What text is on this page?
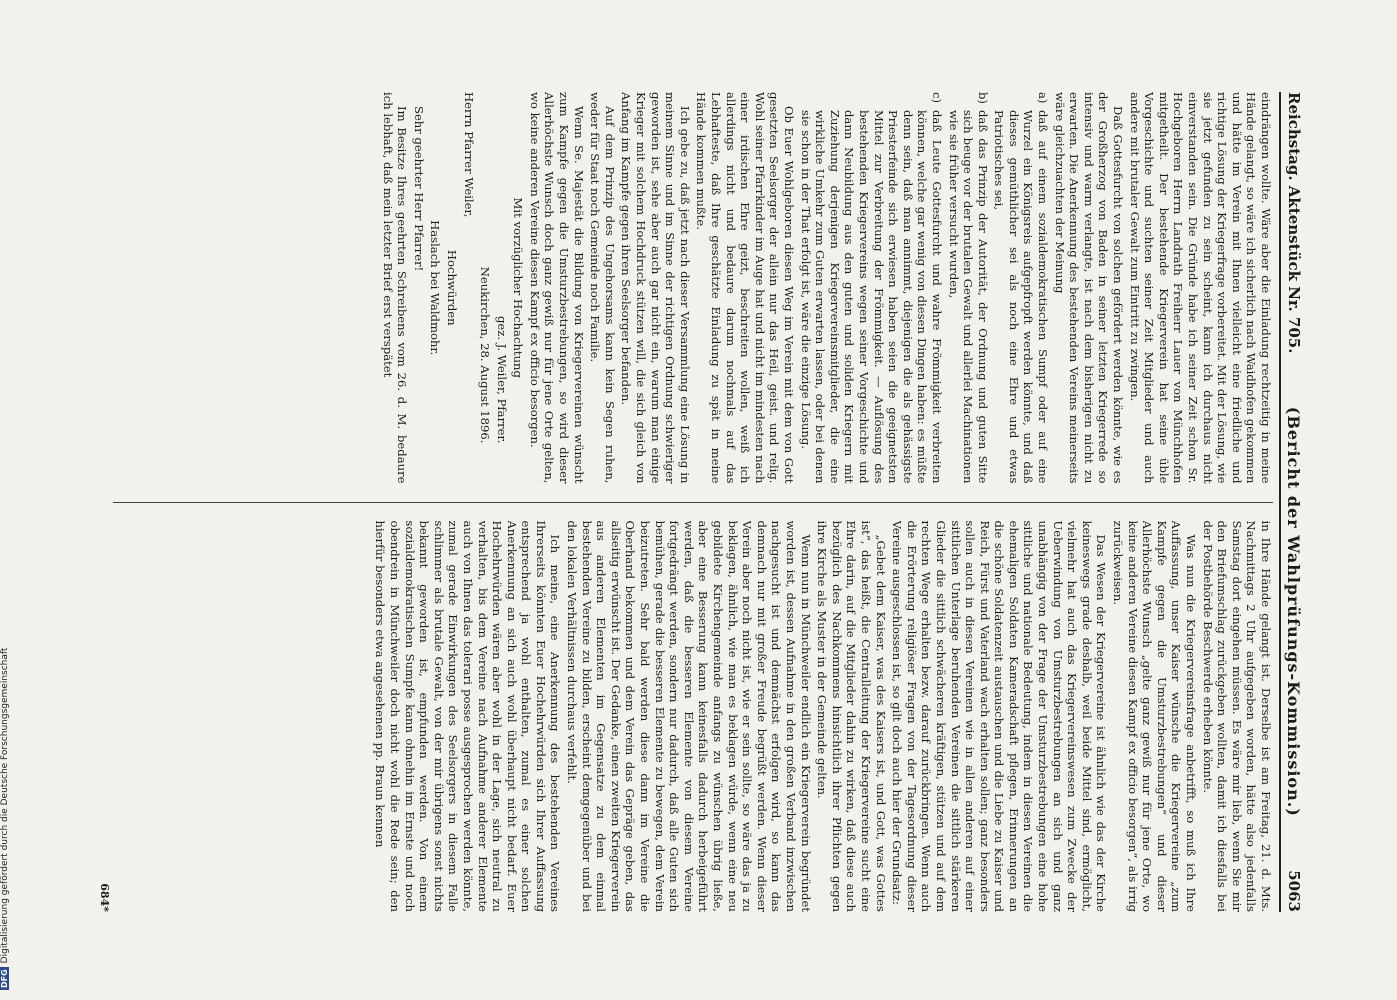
Reichstag. Aktenstück Nr. 705.
(Bericht der Wahlprüfungs-Kommission.)
5063

eindrängen wollte. Wäre aber die Einladung rechtzeitig in meine Hände gelangt, so wäre ich sicherlich nach Waidhofen gekommen und hätte im Verein mit Ihnen vielleicht eine friedliche und richtige Lösung der Kriegerfrage vorbereitet. Mit der Lösung, wie sie jetzt gefunden zu sein scheint, kann ich durchaus nicht einverstanden sein. Die Gründe habe ich seiner Zeit schon Sr. Hochgeboren Herrn Landrath Freiherr Lauer von Münchhofen mitgetheilt. Der bestehende Kriegerverein hat seine üble Vorgeschichte und suchten seiner Zeit Mitglieder und auch andere mit brutaler Gewalt zum Eintritt zu zwingen.

Daß Gottesfurcht von solchen gefördert werden könnte, wie es der Großherzog von Baden in seiner letzten Kriegerrede so intensiv und warm verlangte, ist nach dem bisherigen nicht zu erwarten. Die Anerkennung des bestehenden Vereins meinerseits wäre gleichzuachten der Meinung

a)
daß auf einem sozialdemokratischen Sumpf oder auf eine Wurzel ein Königsreis aufgepfropft werden könnte, und daß dieses gemüthlicher sei als noch eine Ehre und etwas Patriotisches sei,
b)
daß das Prinzip der Autorität, der Ordnung und guten Sitte sich beuge vor der brutalen Gewalt und allerlei Machinationen wie sie früher versucht wurden,
c)
daß Leute Gottesfurcht und wahre Frömmigkeit verbreiten können, welche gar wenig von diesen Dingen haben: es müßte denn sein, daß man annimmt, diejenigen die als gehässigste Priesterfeinde sich erwiesen haben seien die geeignetsten Mittel zur Verbreitung der Frömmigkeit. — Auflösung des bestehenden Kriegervereins wegen seiner Vorgeschichte und dann Neubildung aus den guten und soliden Kriegern mit Zuziehung derjenigen Kriegervereinsmitglieder, die eine wirkliche Umkehr zum Guten erwarten lassen, oder bei denen sie schon in der That erfolgt ist, wäre die einzige Lösung.

Ob Euer Wohlgeboren diesen Weg im Verein mit dem von Gott gesetzten Seelsorger der allein nur das Heil, geist. und relig. Wohl seiner Pfarrkinder im Auge hat und nicht im mindesten nach einer irdischen Ehre geizt, beschreiten wollen, weiß ich allerdings nicht und bedaure darum nochmals auf das Lebhafteste, daß Ihre geschätzte Einladung zu spät in meine Hände kommen mußte.

Ich gebe zu, daß jetzt nach dieser Versammlung eine Lösung in meinem Sinne und im Sinne der richtigen Ordnung schwieriger geworden ist, sehe aber auch gar nicht ein, warum man einige Krieger mit solchem Hochdruck stützen will, die sich gleich von Anfang im Kampfe gegen ihren Seelsorger befanden.

Auf dem Prinzip des Ungehorsams kann kein Segen ruhen, weder für Staat noch Gemeinde noch Familie.

Wenn Se. Majestät die Bildung von Kriegervereinen wünscht zum Kampfe gegen die Umsturzbestrebungen, so wird dieser Allerhöchste Wunsch doch ganz gewiß nur für jene Orte gelten, wo keine anderen Vereine diesen Kampf ex officio besorgen.

Mit vorzüglicher Hochachtung

gez. J. Weiler, Pfarrer.

Neukirchen, 28. August 1896.

Herrn Pfarrer Weiler,

Hochwürden

Haslach bei Waldmohr.

Sehr geehrter Herr Pfarrer!

Im Besitze Ihres geehrten Schreibens vom 26. d. M. bedaure ich lebhaft, daß mein letzter Brief erst verspätet

in Ihre Hände gelangt ist. Derselbe ist am Freitag, 21. d. Mts. Nachmittags 2 Uhr aufgegeben worden, hätte also jedenfalls Samstag dort eingehen müssen. Es wäre mir lieb, wenn Sie mir den Briefumschlag zurückgeben wollten, damit ich diesfalls bei der Postbehörde Beschwerde erheben könnte.

Was nun die Kriegervereinsfrage anbetrifft, so muß ich Ihre Auffassung, unser Kaiser wünsche die Kriegervereine „zum Kampfe gegen die Umsturzbestrebungen“ und dieser Allerhöchste Wunsch „gelte ganz gewiß nur für jene Orte, wo keine anderen Vereine diesen Kampf ex officio besorgen“, als irrig zurückweisen.

Das Wesen der Kriegervereine ist ähnlich wie das der Kirche keineswegs grade deshalb, weil beide Mittel sind, ermöglicht, vielmehr hat auch das Kriegervereinswesen zum Zwecke der Ueberwindung von Umsturzbestrebungen an sich und ganz unabhängig von der Frage der Umsturzbestrebungen eine hohe sittliche und nationale Bedeutung, indem in diesen Vereinen die ehemaligen Soldaten Kameradschaft pflegen, Erinnerungen an die schöne Soldatenzeit austauschen und die Liebe zu Kaiser und Reich, Fürst und Vaterland wach erhalten sollen; ganz besonders sollen auch in diesen Vereinen wie in allen anderen auf einer sittlichen Unterlage beruhenden Vereinen die sittlich stärkeren Glieder die sittlich schwächeren kräftigen, stützen und auf dem rechten Wege erhalten bezw. darauf zurückbringen. Wenn auch die Erörterung religiöser Fragen von der Tagesordnung dieser Vereine ausgeschlossen ist, so gilt doch auch hier der Grundsatz:

„Gebet dem Kaiser, was des Kaisers ist, und Gott, was Gottes ist“, das heißt, die Centralleitung der Kriegervereine sucht eine Ehre darin, auf die Mitglieder dahin zu wirken, daß diese auch bezüglich des Nachkommens hinsichtlich ihrer Pflichten gegen ihre Kirche als Muster in der Gemeinde gelten.

Wenn nun in Münchweiler endlich ein Kriegerverein begründet worden ist, dessen Aufnahme in den großen Verband inzwischen nachgesucht ist und demnächst erfolgen wird, so kann das demnach nur mit großer Freude begrüßt werden. Wenn dieser Verein aber noch nicht ist, wie er sein sollte, so wäre das ja zu beklagen, ähnlich, wie man es beklagen würde, wenn eine neu gebildete Kirchengemeinde anfangs zu wünschen übrig ließe, aber eine Besserung kann keinesfalls dadurch herbeigeführt werden, daß die besseren Elemente von diesem Vereine fortgedrängt werden, sondern nur dadurch, daß alle Guten sich bemühen, gerade die besseren Elemente zu bewegen, dem Verein beizutreten. Sehr bald werden diese dann im Vereine die Oberhand bekommen und dem Verein das Gepräge geben, das allseitig erwünscht ist. Der Gedanke, einen zweiten Kriegerverein aus anderen Elementen im Gegensatze zu dem einmal bestehenden Vereine zu bilden, erscheint demgegenüber und bei den lokalen Verhältnissen durchaus verfehlt.

Ich meine, eine Anerkennung des bestehenden Vereines Ihrerseits könnten Euer Hochehrwürden sich Ihrer Auffassung entsprechend ja wohl enthalten, zumal es einer solchen Anerkennung an sich auch wohl überhaupt nicht bedarf. Euer Hochehrwürden wären aber wohl in der Lage, sich neutral zu verhalten, bis dem Vereine nach Aufnahme anderer Elemente auch von Ihnen das tolerari posse ausgesprochen werden könnte, zumal gerade Einwirkungen des Seelsorgers in diesem Falle schlimmer als brutale Gewalt, von der mir übrigens sonst nichts bekannt geworden ist, empfunden werden. Von einem sozialdemokratischen Sumpfe kann ohnehin im Ernste und noch obendrein in Münchweiler doch nicht wohl die Rede sein; den hierfür besonders etwa angesehenen pp. Braun kennen

684*
DFGDigitalisierung gefördert durch die Deutsche Forschungsgemeinschaft
